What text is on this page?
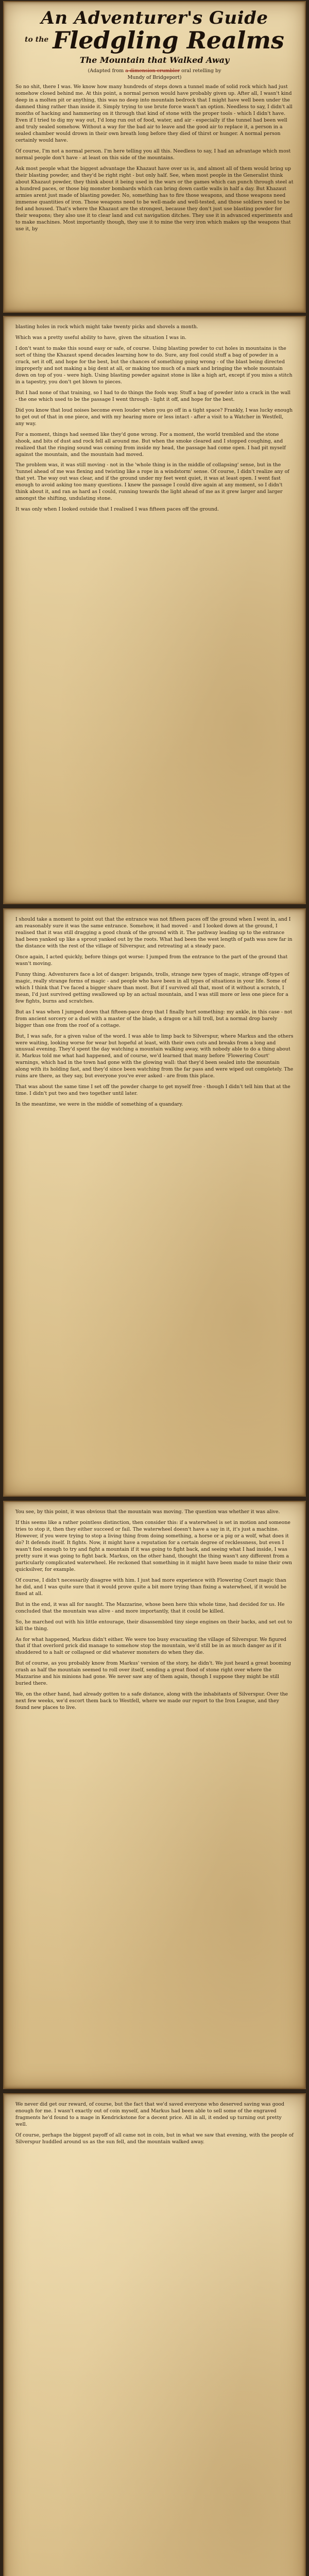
An Adventurer's Guide
to the Fledgling Realms
The Mountain that Walked Away
(Adapted from a dimension-crumbler oral retelling by
Mundy of Bridgeport)

So no shit, there I was. We know how many hundreds of steps down a tunnel made of solid rock which had just somehow closed behind me. At this point, a normal person would have probably given up. After all, I wasn't kind deep in a molten pit or anything, this was no deep into mountain bedrock that I might have well been under the damned thing rather than inside it. Simply trying to use brute force wasn't an option. Needless to say, I didn't all months of hacking and hammering on it through that kind of stone with the proper tools - which I didn't have. Even if I tried to dig my way out, I'd long run out of food, water, and air - especially if the tunnel had been well and truly sealed somehow. Without a way for the bad air to leave and the good air to replace it, a person in a sealed chamber would drown in their own breath long before they died of thirst or hunger. A normal person certainly would have.

Of course, I'm not a normal person. I'm here telling you all this. Needless to say, I had an advantage which most normal people don't have - at least on this side of the mountains.

Ask most people what the biggest advantage the Khazaut have over us is, and almost all of them would bring up their blasting powder, and they'd be right right - but only half. See, when most people in the Generalist think about Khazaut powder, they think about it being used in the wars or the games which can punch through steel at a hundred paces, or those big monster bombards which can bring down castle walls in half a day. But Khazaut armies arent just made of blasting powder. No, something has to fire those weapons, and those weapons need immense quantities of iron. Those weapons need to be well-made and well-tested, and those soldiers need to be fed and housed. That's where the Khazaut are the strongest, because they don't just use blasting powder for their weapons; they also use it to clear land and cut navigation ditches. They use it in advanced experiments and to make machines. Most importantly though, they use it to mine the very iron which makes up the weapons that use it, by

blasting holes in rock which might take twenty picks and shovels a month.

Which was a pretty useful ability to have, given the situation I was in.

I don't want to make this sound easy or safe, of course. Using blasting powder to cut holes in mountains is the sort of thing the Khazaut spend decades learning how to do. Sure, any fool could stuff a bag of powder in a crack, set it off, and hope for the best, but the chances of something going wrong - of the blast being directed improperly and not making a big dent at all, or making too much of a mark and bringing the whole mountain down on top of you - were high. Using blasting powder against stone is like a high art, except if you miss a stitch in a tapestry, you don't get blown to pieces.

But I had none of that training, so I had to do things the fools way. Stuff a bag of powder into a crack in the wall - the one which used to be the passage I went through - light it off, and hope for the best.

Did you know that loud noises become even louder when you go off in a tight space? Frankly, I was lucky enough to get out of that in one piece, and with my hearing more or less intact - after a visit to a Watcher in Westfell, any way.

For a moment, things had seemed like they'd gone wrong. For a moment, the world trembled and the stone shook, and bits of dust and rock fell all around me. But when the smoke cleared and I stopped coughing, and realized that the ringing sound was coming from inside my head, the passage had come open. I had pit myself against the mountain, and the mountain had moved.

The problem was, it was still moving - not in the 'whole thing is in the middle of collapsing' sense, but in the 'tunnel ahead of me was flexing and twisting like a rope in a windstorm' sense. Of course, I didn't realize any of that yet. The way out was clear, and if the ground under my feet went quiet, it was at least open. I went fast enough to avoid asking too many questions. I knew the passage I could dive again at any moment, so I didn't think about it, and ran as hard as I could, running towards the light ahead of me as it grew larger and larger amongst the shifting, undulating stone.

It was only when I looked outside that I realised I was fifteen paces off the ground.

I should take a moment to point out that the entrance was not fifteen paces off the ground when I went in, and I am reasonably sure it was the same entrance. Somehow, it had moved - and I looked down at the ground, I realised that it was still dragging a good chunk of the ground with it. The pathway leading up to the entrance had been yanked up like a sprout yanked out by the roots. What had been the west length of path was now far in the distance with the rest of the village of Silverspur, and retreating at a steady pace.

Once again, I acted quickly, before things got worse: I jumped from the entrance to the part of the ground that wasn't moving.

Funny thing. Adventurers face a lot of danger: brigands, trolls, strange new types of magic, strange off-types of magic, really strange forms of magic - and people who have been in all types of situations in your life. Some of which I think that I've faced a bigger share than most. But if I survived all that, most of it without a scratch, I mean, I'd just survived getting swallowed up by an actual mountain, and I was still more or less one piece for a few fights, burns and scratches.

But as I was when I jumped down that fifteen-pace drop that I finally hurt something: my ankle, in this case - not from ancient sorcery or a duel with a master of the blade, a dragon or a hill troll, but a normal drop barely bigger than one from the roof of a cottage.

But, I was safe, for a given value of the word. I was able to limp back to Silverspur, where Markus and the others were waiting, looking worse for wear but hopeful at least, with their own cuts and breaks from a long and unusual evening. They'd spent the day watching a mountain walking away, with nobody able to do a thing about it. Markus told me what had happened, and of course, we'd learned that many before 'Flowering Court' warnings, which had in the town had gone with the glowing wall: that they'd been sealed into the mountain along with its holding fast, and they'd since been watching from the far pass and were wiped out completely. The ruins are there, as they say, but everyone you've ever asked - are from this place.

That was about the same time I set off the powder charge to get myself free - though I didn't tell him that at the time. I didn't put two and two together until later.

In the meantime, we were in the middle of something of a quandary.

You see, by this point, it was obvious that the mountain was moving. The question was whether it was alive.

If this seems like a rather pointless distinction, then consider this: if a waterwheel is set in motion and someone tries to stop it, then they either succeed or fail. The waterwheel doesn't have a say in it, it's just a machine. However, if you were trying to stop a living thing from doing something, a horse or a pig or a wolf, what does it do? It defends itself. It fights. Now, it might have a reputation for a certain degree of recklessness, but even I wasn't fool enough to try and fight a mountain if it was going to fight back, and seeing what I had inside, I was pretty sure it was going to fight back. Markus, on the other hand, thought the thing wasn't any different from a particularly complicated waterwheel. He reckoned that something in it might have been made to mine their own quicksilver, for example.

Of course, I didn't necessarily disagree with him. I just had more experience with Flowering Court magic than he did, and I was quite sure that it would prove quite a bit more trying than fixing a waterwheel, if it would be fixed at all.

But in the end, it was all for naught. The Mazzarine, whose been here this whole time, had decided for us. He concluded that the mountain was alive - and more importantly, that it could be killed.

So, he marched out with his little entourage, their disassembled tiny siege engines on their backs, and set out to kill the thing.

As for what happened, Markus didn't either. We were too busy evacuating the village of Silverspur. We figured that if that overlord prick did manage to somehow stop the mountain, we'd still be in as much danger as if it shuddered to a halt or collapsed or did whatever monsters do when they die.

But of course, as you probably know from Markus' version of the story, he didn't. We just heard a great booming crash as half the mountain seemed to roll over itself, sending a great flood of stone right over where the Mazzarine and his minions had gone. We never saw any of them again, though I suppose they might be still buried there.

We, on the other hand, had already gotten to a safe distance, along with the inhabitants of Silverspur. Over the next few weeks, we'd escort them back to Westfell, where we made our report to the Iron League, and they found new places to live.

We never did get our reward, of course, but the fact that we'd saved everyone who deserved saving was good enough for me. I wasn't exactly out of coin myself, and Markus had been able to sell some of the engraved fragments he'd found to a mage in Kendrickstone for a decent price. All in all, it ended up turning out pretty well.

Of course, perhaps the biggest payoff of all came not in coin, but in what we saw that evening, with the people of Silverspur huddled around us as the sun fell, and the mountain walked away.
